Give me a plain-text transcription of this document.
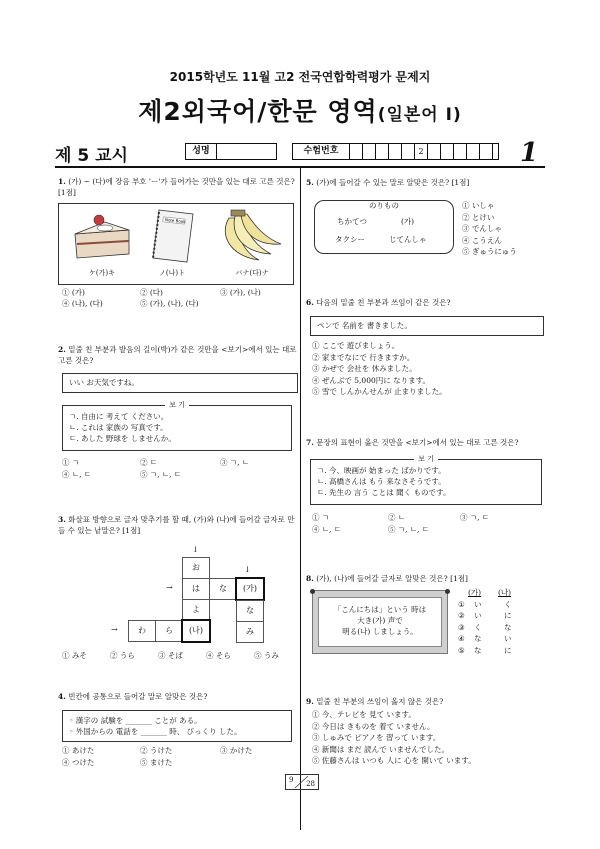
2015학년도 11월 고2 전국연합학력평가 문제지
제2외국어/한문 영역(일본어 I)
제 5 교시	성명	수험번호	2	1
1. (가) ~ (다)에 장음 부호 'ー'가 들어가는 것만을 있는 대로 고른 것은? [1점]
Note Book
ケ(가)キ	ノ(나)ト	バナ(다)ナ
① (가)	② (다)	③ (가), (나)
④ (나), (다)	⑤ (가), (나), (다)
2. 밑줄 친 부분과 발음의 길이(박)가 같은 것만을 <보기>에서 있는 대로 고른 것은?
いい お天気ですね。
보 기
ㄱ. 自由に 考えて ください。
ㄴ. これは 家族の 写真です。
ㄷ. あした 野球を しませんか。
① ㄱ	② ㄷ	③ ㄱ, ㄴ
④ ㄴ, ㄷ	⑤ ㄱ, ㄴ, ㄷ
3. 화살표 방향으로 글자 맞추기를 할 때, (가)와 (나)에 들어갈 글자로 만들 수 있는 낱말은? [1점]
↓
お
→	は	な	(가)
よ	な
→	わ	ら	(나)	み
↓
① みそ	② うら	③ そば	④ そら	⑤ うみ
4. 빈칸에 공통으로 들어갈 말로 알맞은 것은?
◦ 漢字の 試験を _______ ことが ある。
◦ 外国からの 電話を _______ 時、 びっくり した。
① あけた	② うけた	③ かけた
④ つけた	⑤ まけた
5. (가)에 들어갈 수 있는 말로 알맞은 것은? [1점]
のりもの
ちかてつ	(가)
タクシー	じてんしゃ
① いしゃ
② とけい
③ でんしゃ
④ こうえん
⑤ ぎゅうにゅう
6. 다음의 밑줄 친 부분과 쓰임이 같은 것은?
ペンで 名前を 書きました。
① ここで 遊びましょう。
② 家までなにで 行きますか。
③ かぜで 会社を 休みました。
④ ぜんぶで 5,000円に なります。
⑤ 雪で しんかんせんが 止まりました。
7. 문장의 표현이 옳은 것만을 <보기>에서 있는 대로 고른 것은?
보 기
ㄱ. 今、映画が 始まった ばかりです。
ㄴ. 高橋さんは もう 来なさそうです。
ㄷ. 先生の 言う ことは 聞く ものです。
① ㄱ	② ㄴ	③ ㄱ, ㄷ
④ ㄴ, ㄷ	⑤ ㄱ, ㄴ, ㄷ
8. (가), (나)에 들어갈 글자로 알맞은 것은? [1점]
「こんにちは」という 時は
大き(가) 声で
明る(나) しましょう。
(가) (나)
① い	く
② い	に
③ く	な
④ な	い
⑤ な	に
9. 밑줄 친 부분의 쓰임이 옳지 않은 것은?
① 今、テレビを 見て います。
② 今日は きものを 着て いません。
③ しゅみで ピアノを 習って います。
④ 新聞は まだ 読んで いませんでした。
⑤ 佐藤さんは いつも 人に 心を 開いて います。
9 28
